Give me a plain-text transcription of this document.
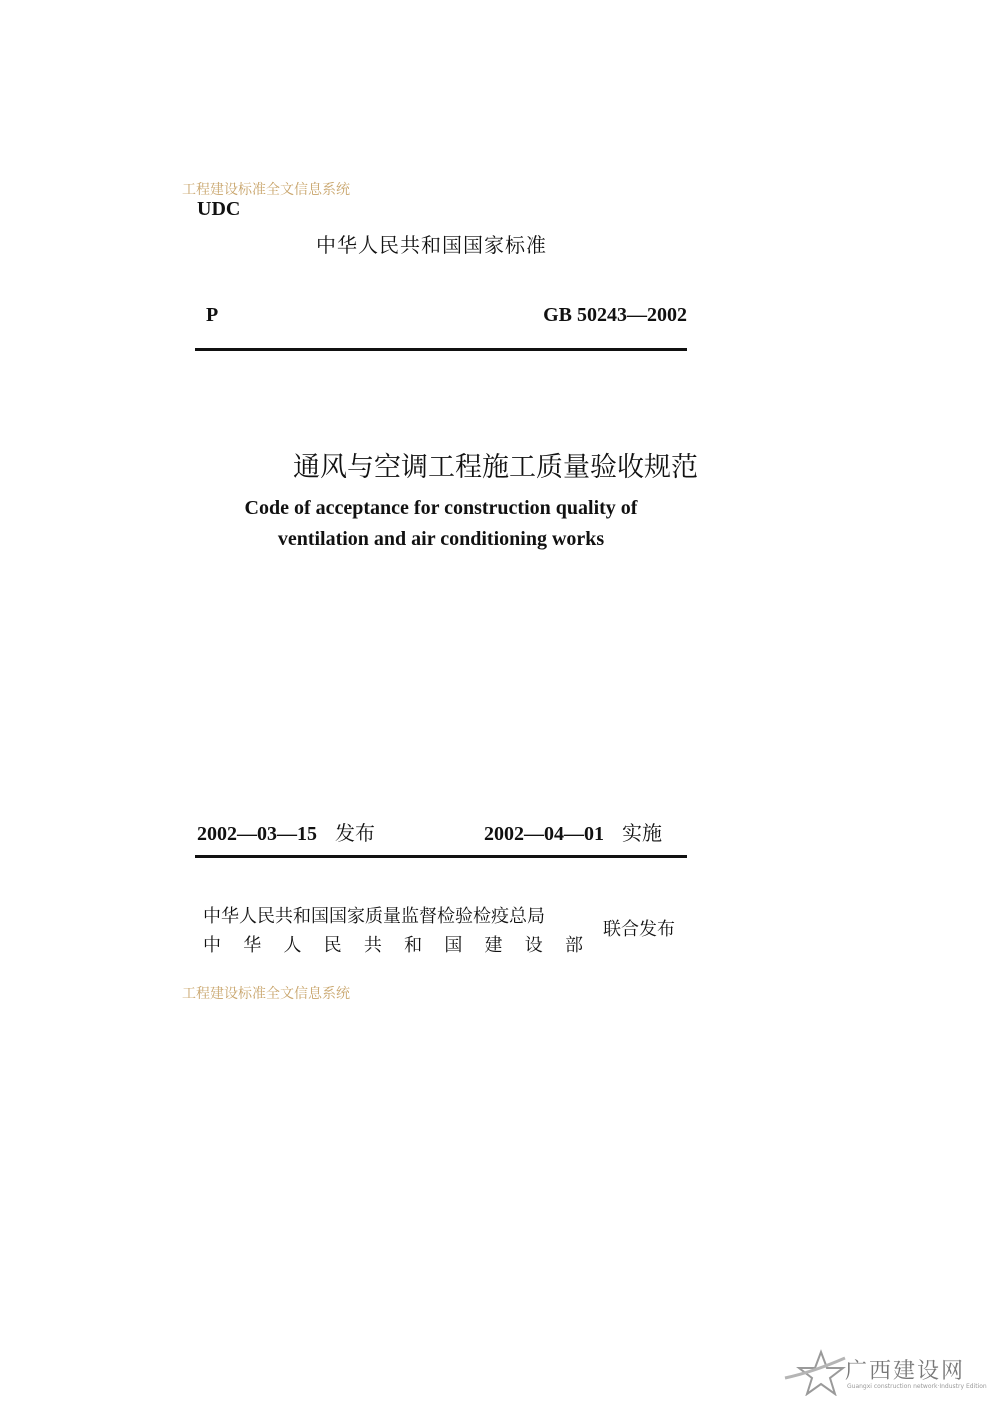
工程建设标准全文信息系统
UDC
中华人民共和国国家标准
P	GB 50243—2002
通风与空调工程施工质量验收规范
Code of acceptance for construction quality of
ventilation and air conditioning works
2002—03—15 发布	2002—04—01 实施
中华人民共和国国家质量监督检验检疫总局
中 华 人 民 共 和 国 建 设 部
联合发布
工程建设标准全文信息系统
广西建设网
Guangxi construction network·Industry Edition
